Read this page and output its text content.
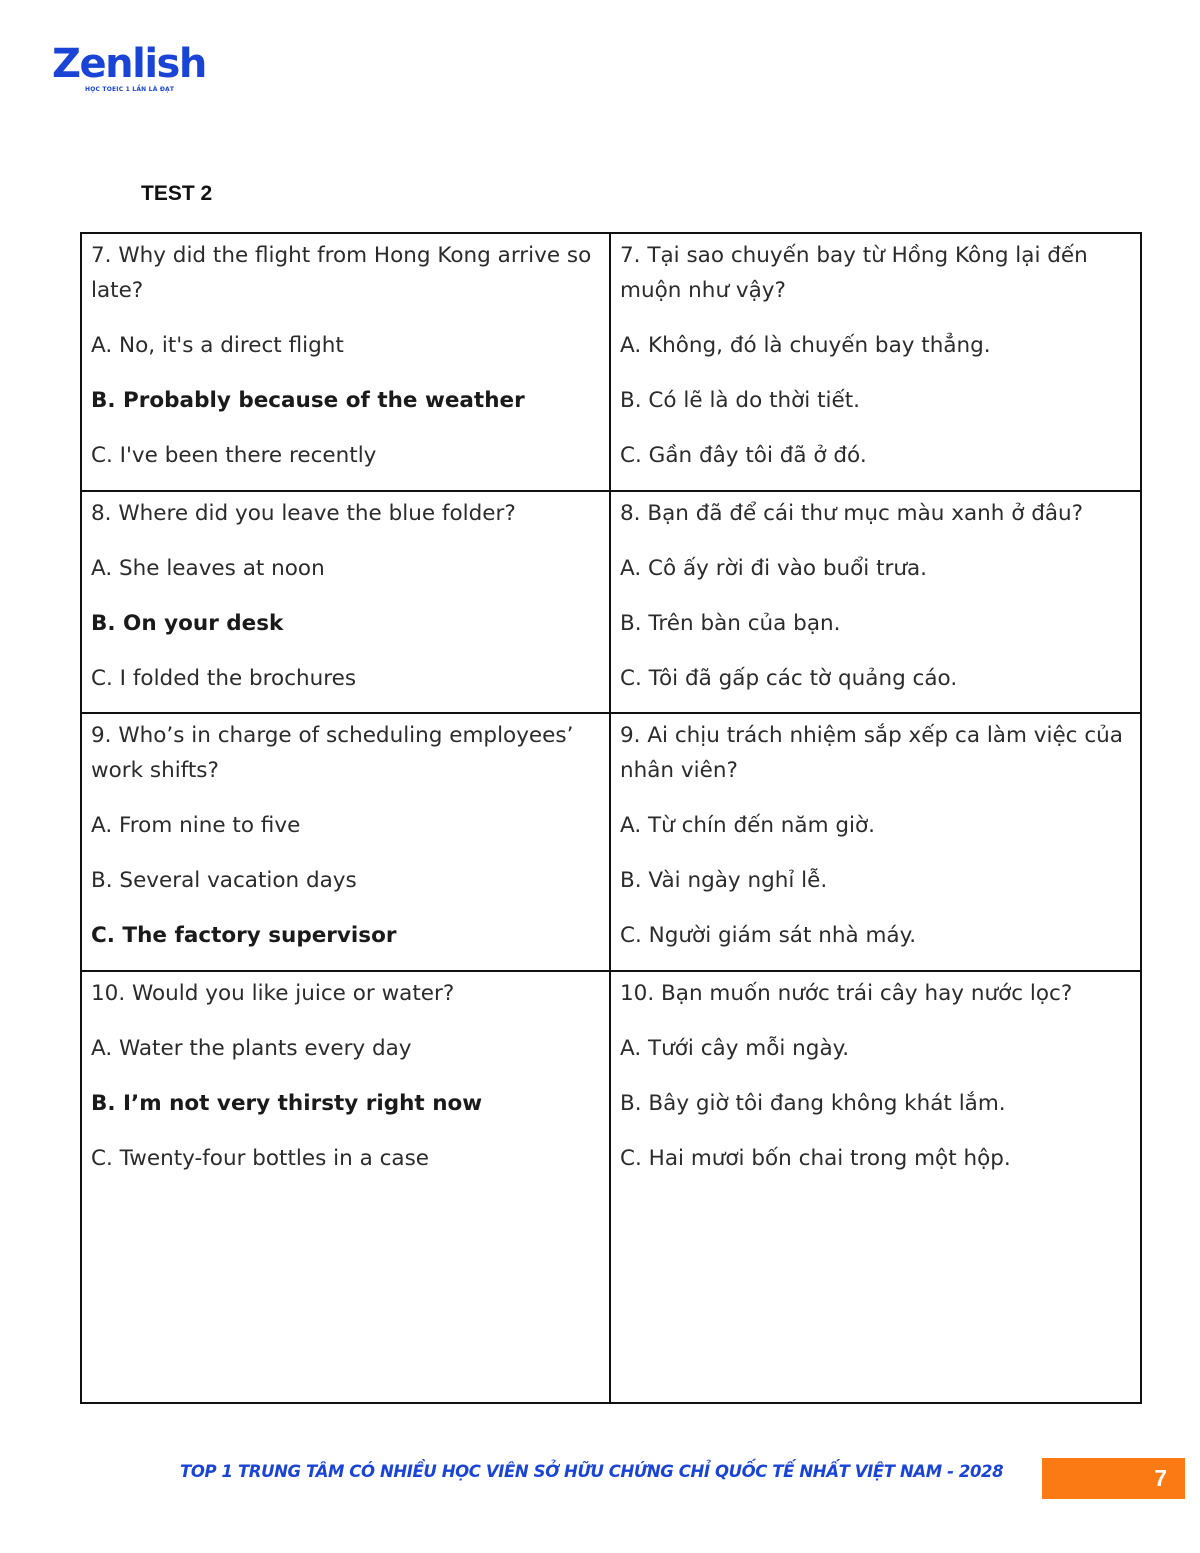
Zenlish
HỌC TOEIC 1 LẦN LÀ ĐẠT
TEST 2

7. Why did the flight from Hong Kong arrive so late?

A. No, it's a direct flight

B. Probably because of the weather

C. I've been there recently

7. Tại sao chuyến bay từ Hồng Kông lại đến muộn như vậy?

A. Không, đó là chuyến bay thẳng.

B. Có lẽ là do thời tiết.

C. Gần đây tôi đã ở đó.

8. Where did you leave the blue folder?

A. She leaves at noon

B. On your desk

C. I folded the brochures

8. Bạn đã để cái thư mục màu xanh ở đâu?

A. Cô ấy rời đi vào buổi trưa.

B. Trên bàn của bạn.

C. Tôi đã gấp các tờ quảng cáo.

9. Who’s in charge of scheduling employees’ work shifts?

A. From nine to five

B. Several vacation days

C. The factory supervisor

9. Ai chịu trách nhiệm sắp xếp ca làm việc của nhân viên?

A. Từ chín đến năm giờ.

B. Vài ngày nghỉ lễ.

C. Người giám sát nhà máy.

10. Would you like juice or water?

A. Water the plants every day

B. I’m not very thirsty right now

C. Twenty-four bottles in a case

10. Bạn muốn nước trái cây hay nước lọc?

A. Tưới cây mỗi ngày.

B. Bây giờ tôi đang không khát lắm.

C. Hai mươi bốn chai trong một hộp.

TOP 1 TRUNG TÂM CÓ NHIỀU HỌC VIÊN SỞ HỮU CHỨNG CHỈ QUỐC TẾ NHẤT VIỆT NAM - 2028	7
